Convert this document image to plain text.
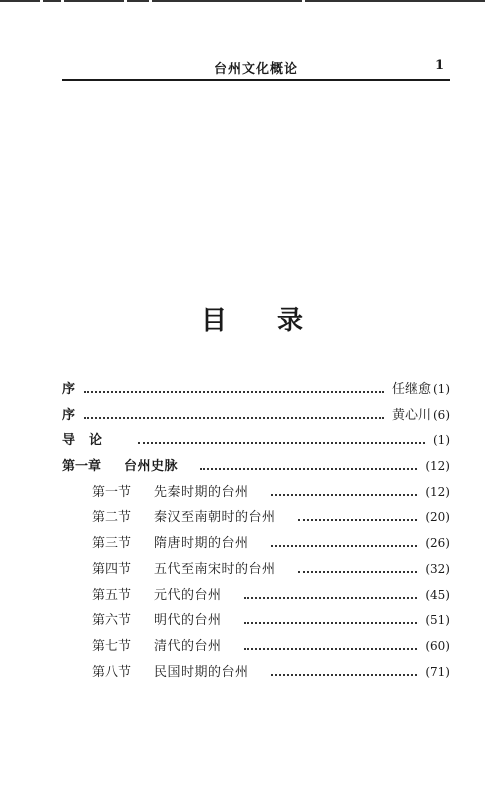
台州文化概论	1
目录
序	任继愈 (1)
序	黄心川 (6)
导论	(1)
第一章	台州史脉	(12)
第一节	先秦时期的台州	(12)
第二节	秦汉至南朝时的台州	(20)
第三节	隋唐时期的台州	(26)
第四节	五代至南宋时的台州	(32)
第五节	元代的台州	(45)
第六节	明代的台州	(51)
第七节	清代的台州	(60)
第八节	民国时期的台州	(71)
